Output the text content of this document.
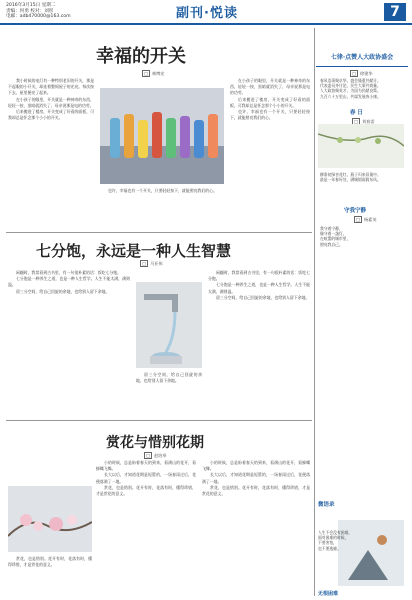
2016年3月15日 星期二
责编：何勇 校对：刘彤
电邮：adb470000@163.com	副刊·悦读	7
幸福的开关
□ 林博宏

我小时候的电灯有一种特别老旧的开关，那是不起眼的小开关，却连着整间屋子的光亮。每次按下去，屋里便亮了起来。

在小孩子的眼里，开关就是一种神奇的东西，轻轻一按，黑暗就消失了，母亲说那是电的功劳。

后来搬进了楼房，开关变成了好看的面板，可我却总是怀念那个小小的开关。

也许，幸福也有一个开关，只要轻轻按下，就能照亮我们的心。

在小孩子的眼里，开关就是一种神奇的东西，轻轻一按，黑暗就消失了，母亲说那是电的功劳。

后来搬进了楼房，开关变成了好看的面板，可我却总是怀念那个小小的开关。

也许，幸福也有一个开关，只要轻轻按下，就能照亮我们的心。

七分饱，永远是一种人生智慧
□ 马亚伟

闲翻时，我常看到古书里，有一句很朴素的话：饭吃七分饱。

七分饱是一种养生之道，也是一种人生哲学。人生不能太满，满则溢。

留三分空间，给自己回旋的余地，也给别人留下余地。

留三分空间，给自己回旋的余地，也给别人留下余地。

闲翻时，我常看到古书里，有一句很朴素的话：饭吃七分饱。

七分饱是一种养生之道，也是一种人生哲学。人生不能太满，满则溢。

留三分空间，给自己回旋的余地，也给别人留下余地。

赏花与惜别花期
□ 赵培举

小的时候，总是盼着春天的到来，看满山的花开，看蜂蝶飞舞。

长大以后，才知道花期是短暂的，一场春雨过后，花便落满了一地。

赏花，也是惜别。花开有时，花落有时，懂得珍惜，才是赏花的意义。

赏花，也是惜别。花开有时，花落有时，懂得珍惜，才是赏花的意义。

小的时候，总是盼着春天的到来，看满山的花开，看蜂蝶飞舞。

长大以后，才知道花期是短暂的，一场春雨过后，花便落满了一地。

赏花，也是惜别。花开有时，花落有时，懂得珍惜，才是赏花的意义。

七律·点赞人大政协盛会
□ 徐建华
春风浩荡聚京华，盛会隆重共献计。
代表委员齐讨论，民生大事共商量。
人大政协聚英才，为国为民献良策。
九百六十万里山，共谋发展奔小康。
春 日
□ 刘春雷
柳条初绿杏花红，燕子归来旧巢中。
最是一年春好处，满城烟雨润东风。
守我宁静
□ 杨素英
我守着宁静，
像守着一盏灯，
在喧嚣的城市里，
照亮我自己。
微语录
无根困难
人生不会没有困难，
面对困难的时候，
不要害怕，
也不要逃避。
